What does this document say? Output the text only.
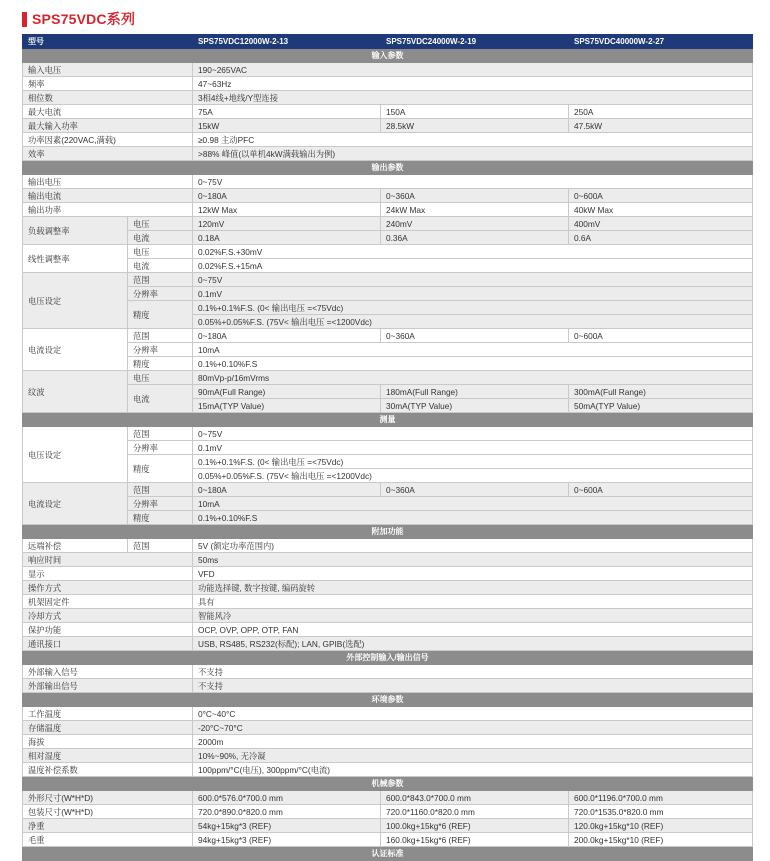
SPS75VDC系列
型号		SPS75VDC12000W-2-13	SPS75VDC24000W-2-19	SPS75VDC40000W-2-27
输入参数				
输入电压		190~265VAC		
频率		47~63Hz		
相位数		3相4线+地线/Y型连接		
最大电流		75A	150A	250A
最大输入功率		15kW	28.5kW	47.5kW
功率因素(220VAC,满载)		≥0.98 主动PFC		
效率		>88% 峰值(以单机4kW满载输出为例)		
输出参数				
输出电压		0~75V		
输出电流		0~180A	0~360A	0~600A
输出功率		12kW Max	24kW Max	40kW Max
负载调整率	电压	120mV	240mV	400mV
	电流	0.18A	0.36A	0.6A
线性调整率	电压	0.02%F.S.+30mV		
	电流	0.02%F.S.+15mA		
电压设定	范围	0~75V		
	分辨率	0.1mV		
	精度	0.1%+0.1%F.S. (0< 输出电压 =<75Vdc)		
		0.05%+0.05%F.S. (75V< 输出电压 =<1200Vdc)		
电流设定	范围	0~180A	0~360A	0~600A
	分辨率	10mA		
	精度	0.1%+0.10%F.S		
纹波	电压	80mVp-p/16mVrms		
	电流	90mA(Full Range)	180mA(Full Range)	300mA(Full Range)
		15mA(TYP Value)	30mA(TYP Value)	50mA(TYP Value)
测量				
电压设定	范围	0~75V		
	分辨率	0.1mV		
	精度	0.1%+0.1%F.S. (0< 输出电压 =<75Vdc)		
		0.05%+0.05%F.S. (75V< 输出电压 =<1200Vdc)		
电流设定	范围	0~180A	0~360A	0~600A
	分辨率	10mA		
	精度	0.1%+0.10%F.S		
附加功能				
远端补偿	范围	5V (额定功率范围内)		
响应时间		50ms		
显示		VFD		
操作方式		功能选择键, 数字按键, 编码旋转		
机架固定件		具有		
冷却方式		智能风冷		
保护功能		OCP, OVP, OPP, OTP, FAN		
通讯接口		USB, RS485, RS232(标配); LAN, GPIB(选配)		
外部控制输入/输出信号				
外部输入信号		不支持		
外部输出信号		不支持		
环境参数				
工作温度		0°C~40°C		
存储温度		-20°C~70°C		
海拔		2000m		
相对湿度		10%~90%, 无冷凝		
温度补偿系数		100ppm/°C(电压), 300ppm/°C(电流)		
机械参数				
外形尺寸(W*H*D)		600.0*576.0*700.0 mm	600.0*843.0*700.0 mm	600.0*1196.0*700.0 mm
包装尺寸(W*H*D)		720.0*890.0*820.0 mm	720.0*1160.0*820.0 mm	720.0*1535.0*820.0 mm
净重		54kg+15kg*3 (REF)	100.0kg+15kg*6 (REF)	120.0kg+15kg*10 (REF)
毛重		94kg+15kg*3 (REF)	160.0kg+15kg*6 (REF)	200.0kg+15kg*10 (REF)
认证标准				
